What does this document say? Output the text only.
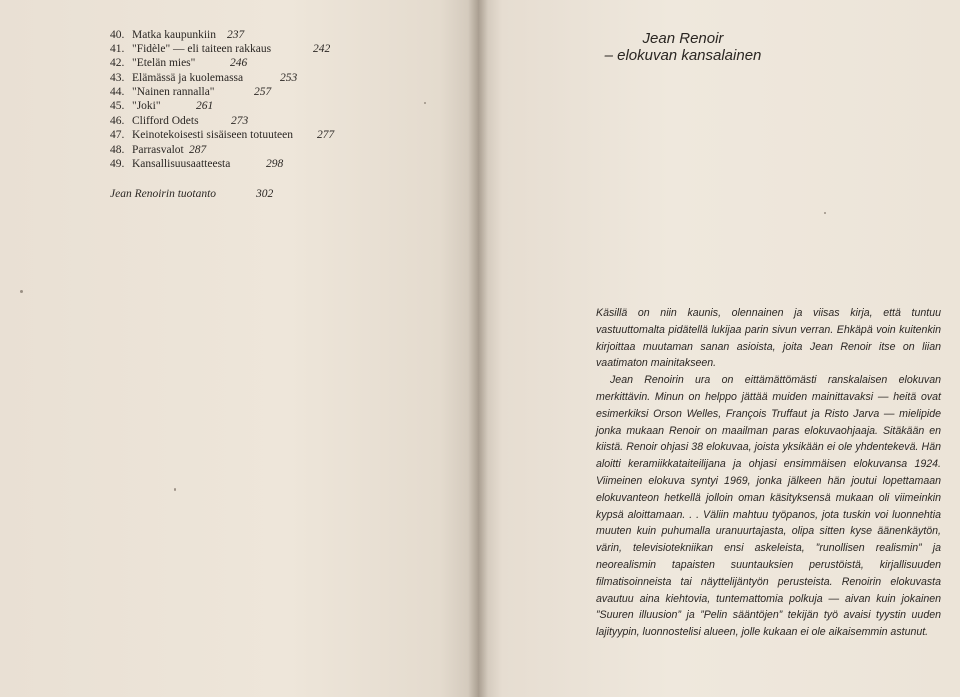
40. Matka kaupunkiin 237
41. "Fidèle" — eli taiteen rakkaus	242
42. "Etelän mies"	246
43. Elämässä ja kuolemassa	253
44. "Nainen rannalla"	257
45. "Joki"	261
46. Clifford Odets	273
47. Keinotekoisesti sisäiseen totuuteen 277
48. Parrasvalot 287
49. Kansallisuusaatteesta	298
Jean Renoirin tuotanto	302
Jean Renoir
– elokuvan kansalainen

Käsillä on niin kaunis, olennainen ja viisas kirja, että tuntuu vastuuttomalta pidätellä lukijaa parin sivun verran. Ehkäpä voin kuitenkin kirjoittaa muutaman sanan asioista, joita Jean Renoir itse on liian vaatimaton mainitakseen.

Jean Renoirin ura on eittämättömästi ranskalaisen elokuvan merkittävin. Minun on helppo jättää muiden mainittavaksi — heitä ovat esimerkiksi Orson Welles, François Truffaut ja Risto Jarva — mielipide jonka mukaan Renoir on maailman paras elokuvaohjaaja. Sitäkään en kiistä. Renoir ohjasi 38 elokuvaa, joista yksikään ei ole yhdentekevä. Hän aloitti keramiikkataiteilijana ja ohjasi ensimmäisen elokuvansa 1924. Viimeinen elokuva syntyi 1969, jonka jälkeen hän joutui lopettamaan elokuvanteon hetkellä jolloin oman käsityksensä mukaan oli viimeinkin kypsä aloittamaan. . . Väliin mahtuu työpanos, jota tuskin voi luonnehtia muuten kuin puhumalla uranuurtajasta, olipa sitten kyse äänenkäytön, värin, televisiotekniikan ensi askeleista, ”runollisen realismin” ja neorealismin tapaisten suuntauksien perustöistä, kirjallisuuden filmatisoinneista tai näyttelijäntyön perusteista. Renoirin elokuvasta avautuu aina kiehtovia, tuntemattomia polkuja — aivan kuin jokainen ”Suuren illuusion” ja ”Pelin sääntöjen” tekijän työ avaisi tyystin uuden lajityypin, luonnostelisi alueen, jolle kukaan ei ole aikaisemmin astunut.
